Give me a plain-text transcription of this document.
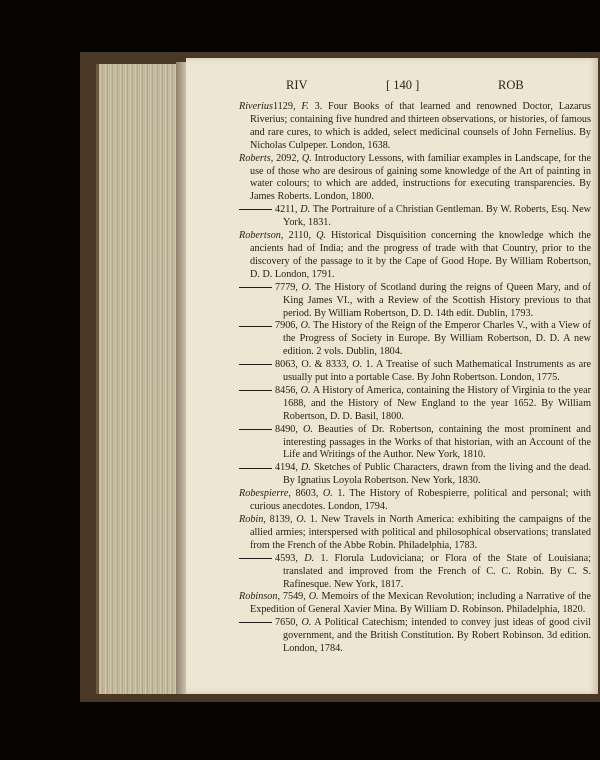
RIV	[ 140 ]	ROB

Riverius1129, F. 3. Four Books of that learned and renowned Doctor, Lazarus Riverius; containing five hundred and thirteen observations, or histories, of famous and rare cures, to which is added, select medicinal counsels of John Fernelius. By Nicholas Culpeper. London, 1638.

Roberts, 2092, Q. Introductory Lessons, with familiar examples in Landscape, for the use of those who are desirous of gaining some knowledge of the Art of painting in water colours; to which are added, instructions for executing transparencies. By James Roberts. London, 1800.

4211, D. The Portraiture of a Christian Gentleman. By W. Roberts, Esq. New York, 1831.

Robertson, 2110, Q. Historical Disquisition concerning the knowledge which the ancients had of India; and the progress of trade with that Country, prior to the discovery of the passage to it by the Cape of Good Hope. By William Robertson, D. D. London, 1791.

7779, O. The History of Scotland during the reigns of Queen Mary, and of King James VI., with a Review of the Scottish History previous to that period. By William Robertson, D. D. 14th edit. Dublin, 1793.

7906, O. The History of the Reign of the Emperor Charles V., with a View of the Progress of Society in Europe. By William Robertson, D. D. A new edition. 2 vols. Dublin, 1804.

8063, O. & 8333, O. 1. A Treatise of such Mathematical Instruments as are usually put into a portable Case. By John Robertson. London, 1775.

8456, O. A History of America, containing the History of Virginia to the year 1688, and the History of New England to the year 1652. By William Robertson, D. D. Basil, 1800.

8490, O. Beauties of Dr. Robertson, containing the most prominent and interesting passages in the Works of that historian, with an Account of the Life and Writings of the Author. New York, 1810.

4194, D. Sketches of Public Characters, drawn from the living and the dead. By Ignatius Loyola Robertson. New York, 1830.

Robespierre, 8603, O. 1. The History of Robespierre, political and personal; with curious anecdotes. London, 1794.

Robin, 8139, O. 1. New Travels in North America: exhibiting the campaigns of the allied armies; interspersed with political and philosophical observations; translated from the French of the Abbe Robin. Philadelphia, 1783.

4593, D. 1. Florula Ludoviciana; or Flora of the State of Louisiana; translated and improved from the French of C. C. Robin. By C. S. Rafinesque. New York, 1817.

Robinson, 7549, O. Memoirs of the Mexican Revolution; including a Narrative of the Expedition of General Xavier Mina. By William D. Robinson. Philadelphia, 1820.

7650, O. A Political Catechism; intended to convey just ideas of good civil government, and the British Constitution. By Robert Robinson. 3d edition. London, 1784.
